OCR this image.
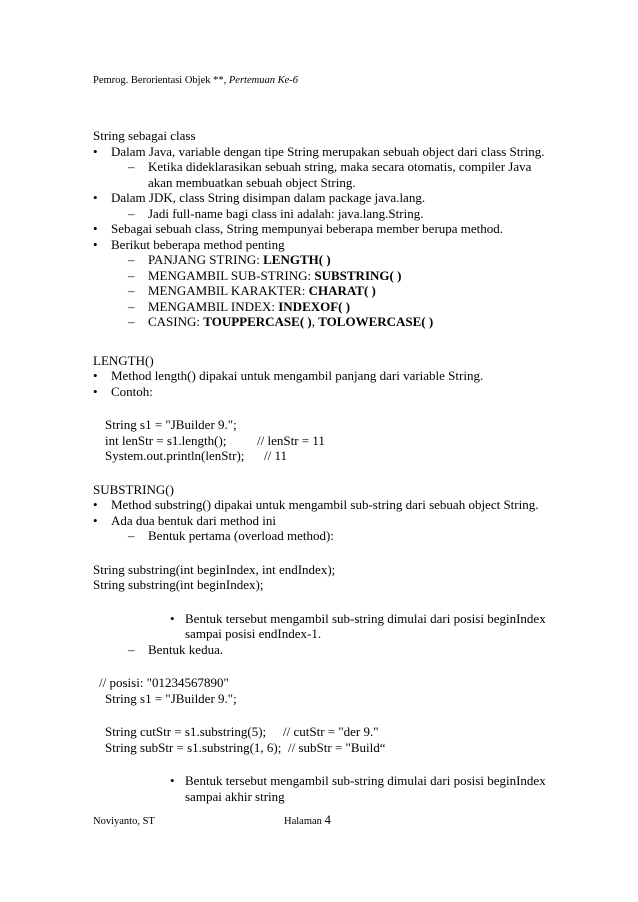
Pemrog. Berorientasi Objek **, Pertemuan Ke-6
String sebagai class
• Dalam Java, variable dengan tipe String merupakan sebuah object dari class String.
– Ketika dideklarasikan sebuah string, maka secara otomatis, compiler Java
akan membuatkan sebuah object String.
• Dalam JDK, class String disimpan dalam package java.lang.
– Jadi full-name bagi class ini adalah: java.lang.String.
• Sebagai sebuah class, String mempunyai beberapa member berupa method.
• Berikut beberapa method penting
– PANJANG STRING: LENGTH( )
– MENGAMBIL SUB-STRING: SUBSTRING( )
– MENGAMBIL KARAKTER: CHARAT( )
– MENGAMBIL INDEX: INDEXOF( )
– CASING: TOUPPERCASE( ), TOLOWERCASE( )
LENGTH()
• Method length() dipakai untuk mengambil panjang dari variable String.
• Contoh:
String s1 = "JBuilder 9.";
int lenStr = s1.length(); // lenStr = 11
System.out.println(lenStr); // 11
SUBSTRING()
• Method substring() dipakai untuk mengambil sub-string dari sebuah object String.
• Ada dua bentuk dari method ini
– Bentuk pertama (overload method):
String substring(int beginIndex, int endIndex);
String substring(int beginIndex);
• Bentuk tersebut mengambil sub-string dimulai dari posisi beginIndex
sampai posisi endIndex-1.
– Bentuk kedua.
// posisi: "01234567890"
String s1 = "JBuilder 9.";
String cutStr = s1.substring(5); // cutStr = "der 9."
String subStr = s1.substring(1, 6); // subStr = "Build“
• Bentuk tersebut mengambil sub-string dimulai dari posisi beginIndex
sampai akhir string
Noviyanto, ST	Halaman 4
